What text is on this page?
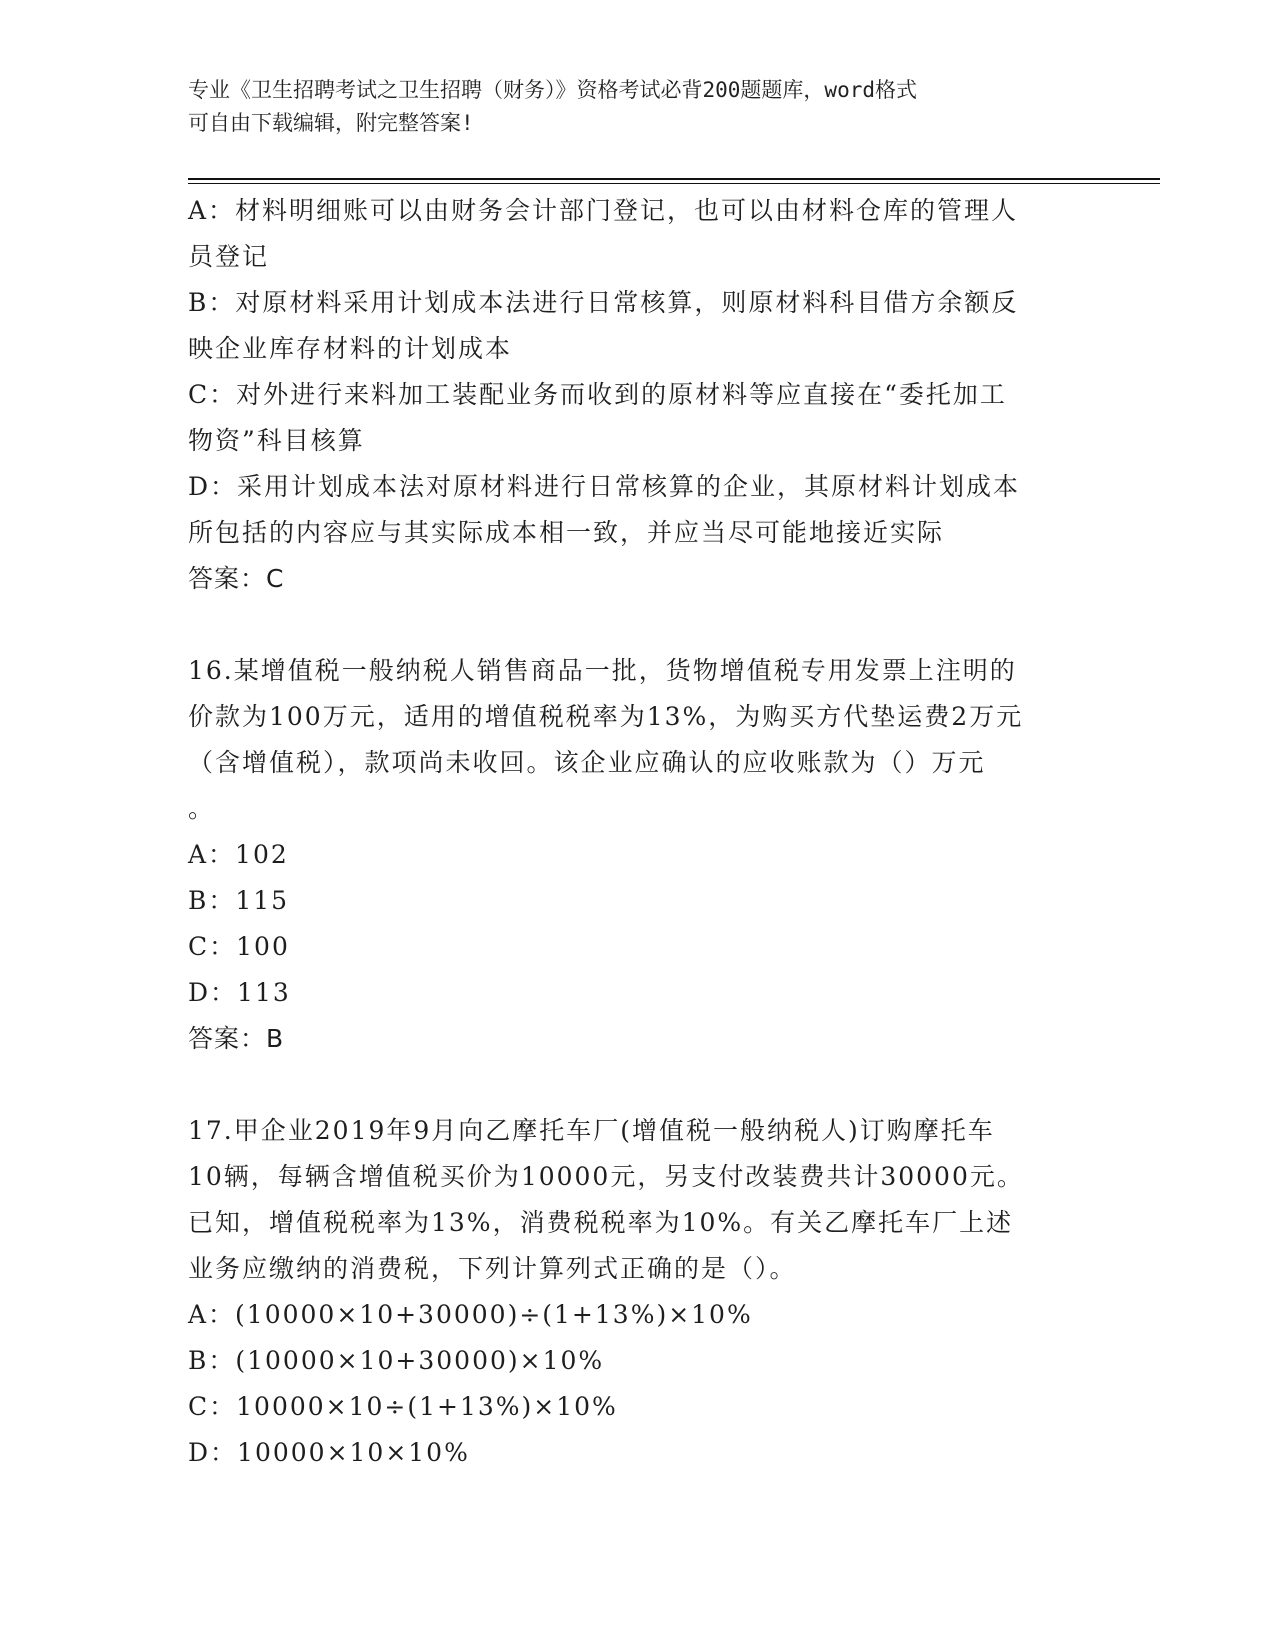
专业《卫生招聘考试之卫生招聘（财务）》资格考试必背200题题库，word格式
可自由下载编辑，附完整答案!
A：材料明细账可以由财务会计部门登记，也可以由材料仓库的管理人
员登记
B：对原材料采用计划成本法进行日常核算，则原材料科目借方余额反
映企业库存材料的计划成本
C：对外进行来料加工装配业务而收到的原材料等应直接在“委托加工
物资”科目核算
D：采用计划成本法对原材料进行日常核算的企业，其原材料计划成本
所包括的内容应与其实际成本相一致，并应当尽可能地接近实际
答案：C
16.某增值税一般纳税人销售商品一批，货物增值税专用发票上注明的
价款为100万元，适用的增值税税率为13%，为购买方代垫运费2万元
（含增值税），款项尚未收回。该企业应确认的应收账款为（）万元
。
A：102
B：115
C：100
D：113
答案：B
17.甲企业2019年9月向乙摩托车厂(增值税一般纳税人)订购摩托车
10辆，每辆含增值税买价为10000元，另支付改装费共计30000元。
已知，增值税税率为13%，消费税税率为10%。有关乙摩托车厂上述
业务应缴纳的消费税，下列计算列式正确的是（）。
A：(10000×10+30000)÷(1+13%)×10%
B：(10000×10+30000)×10%
C：10000×10÷(1+13%)×10%
D：10000×10×10%
